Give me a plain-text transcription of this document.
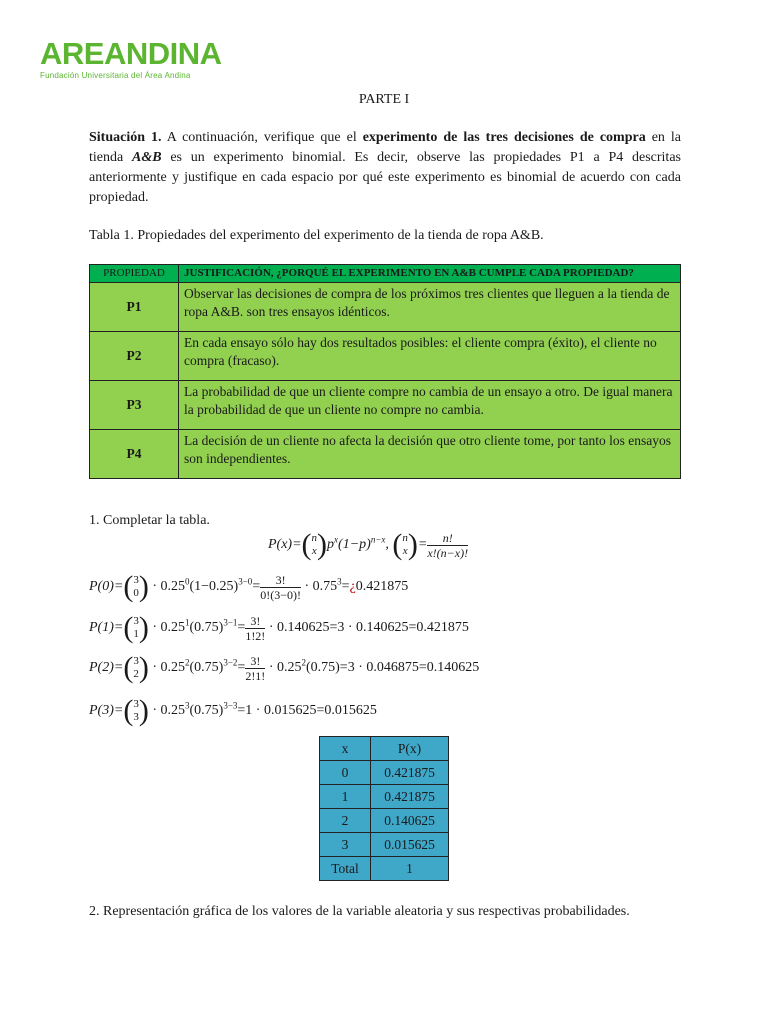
AREANDINA
Fundación Universitaria del Área Andina
PARTE I
Situación 1. A continuación, verifique que el experimento de las tres decisiones de compra en la tienda A&B es un experimento binomial. Es decir, observe las propiedades P1 a P4 descritas anteriormente y justifique en cada espacio por qué este experimento es binomial de acuerdo con cada propiedad.
Tabla 1. Propiedades del experimento del experimento de la tienda de ropa A&B.
PROPIEDAD	JUSTIFICACIÓN, ¿PORQUÉ EL EXPERIMENTO EN A&B CUMPLE CADA PROPIEDAD?
P1	Observar las decisiones de compra de los próximos tres clientes que lleguen a la tienda de ropa A&B. son tres ensayos idénticos.
P2	En cada ensayo sólo hay dos resultados posibles: el cliente compra (éxito), el cliente no compra (fracaso).
P3	La probabilidad de que un cliente compre no cambia de un ensayo a otro. De igual manera la probabilidad de que un cliente no compre no cambia.
P4	La decisión de un cliente no afecta la decisión que otro cliente tome, por tanto los ensayos son independientes.
1. Completar la tabla.
P(x)= ( n
x ) $p^x(1-p)^{n-x}$, ( n
x ) = $\frac{n!}{x!(n-x)!}$
P(0)= ( 3
0 ) · $0.25^0(1-0.25)^{3-0}= \frac{3!}{0!(3-0)!}$ · $0.75^3=¿0.421875$
P(1)= ( 3
1 ) · $0.25^1(0.75)^{3-1}= \frac{3!}{1!2!} \cdot 0.140625=3 \cdot 0.140625=0.421875$
P(2)= ( 3
2 ) · $0.25^2(0.75)^{3-2}= \frac{3!}{2!1!} \cdot 0.25^2(0.75)=3 \cdot 0.046875=0.140625$
P(3)= ( 3
3 ) · $0.25^3(0.75)^{3-3}=1 \cdot 0.015625=0.015625$
x	P(x)
0	0.421875
1	0.421875
2	0.140625
3	0.015625
Total	1
2. Representación gráfica de los valores de la variable aleatoria y sus respectivas probabilidades.
